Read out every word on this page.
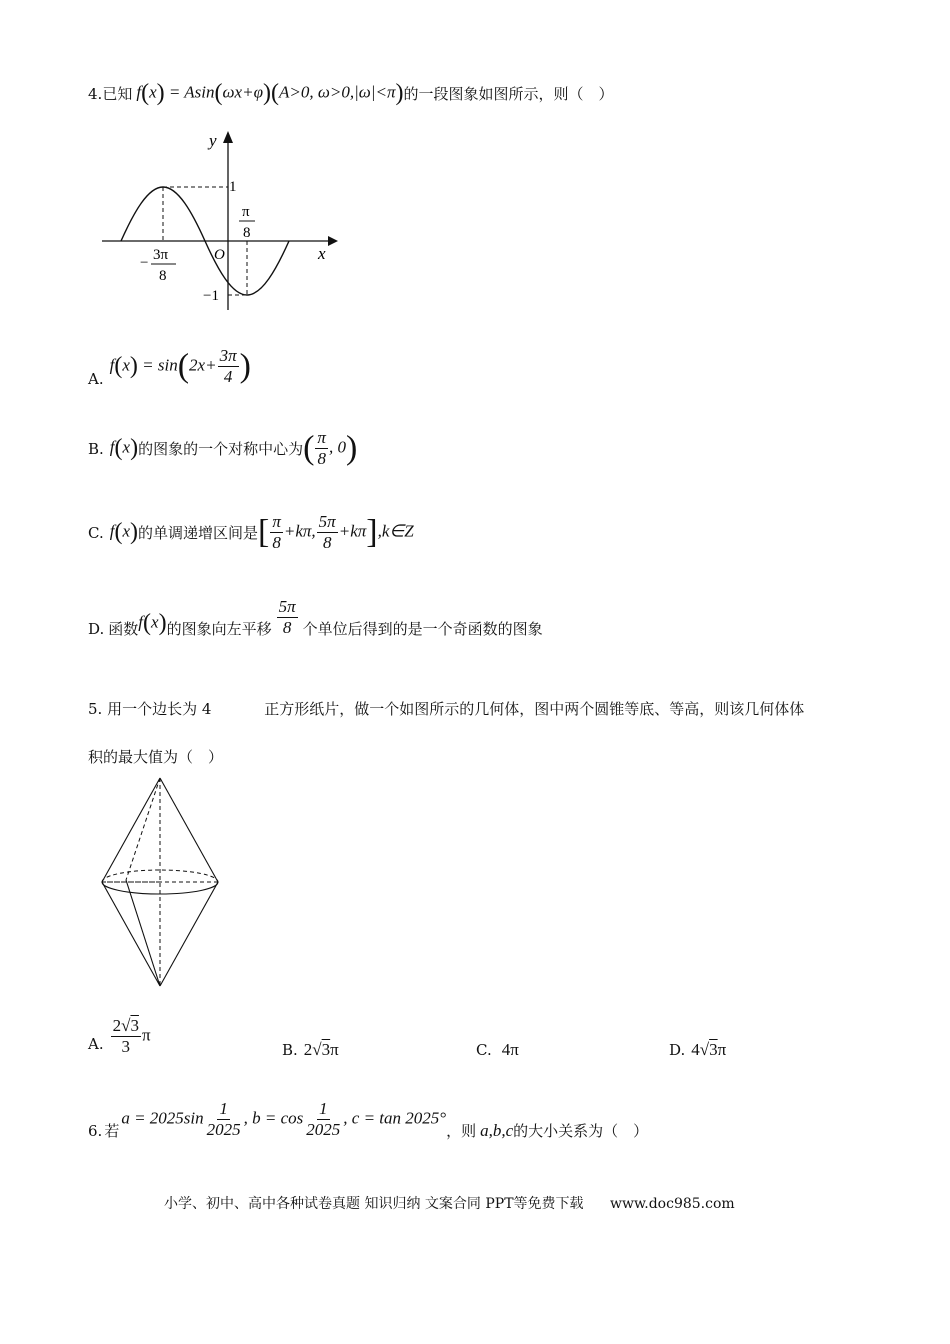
4. 已知 f(x) = Asin(ωx+φ)(A>0, ω>0,|ω|<π) 的一段图象如图所示，则（　）
y
x
1
−1
O
− 3π
8
π
8
A.
$f(x) = \sin(2x+ \frac{3\pi}{4}$ )
B. f(x) 的图象的一个对称中心为 ( $\frac{\pi}{8}$ , 0)
C. f(x) 的单调递增区间是 [ $\frac{\pi}{8} +k\pi$, $\frac{5\pi}{8}$ +kπ],k∈Z
D. 函数 f(x) 的图象向左平移 $\frac{5\pi}{8}$ 个单位后得到的是一个奇函数的图象
5. 用一个边长为 4	正方形纸片，做一个如图所示的几何体，图中两个圆锥等底、等高，则该几何体体
积的最大值为（　）
A. $\frac{2√3}{3}$ π
B. 2√3π	C. 4π	D. 4√3π
6. 若
$a = 2025\sin \frac{1}{2025}$ , $b = \cos \frac{1}{2025}$ , c = tan 2025°
，则 a,b,c 的大小关系为（　）
小学、初中、高中各种试卷真题 知识归纳 文案合同 PPT等免费下载 www.doc985.com
